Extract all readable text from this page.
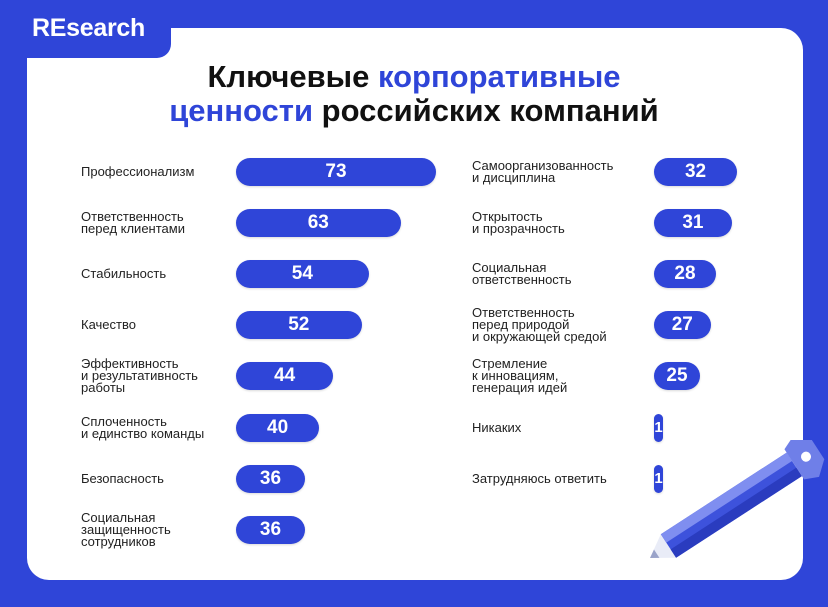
REsearch
Ключевые корпоративные
ценности российских компаний
Профессионализм	73
Ответственность
перед клиентами	63
Стабильность	54
Качество	52
Эффективность
и результативность
работы
44
Сплоченность
и единство команды	40
Безопасность	36
Социальная
защищенность
сотрудников
36
Самоорганизованность
и дисциплина	32
Открытость
и прозрачность	31
Социальная
ответственность	28
Ответственность
перед природой
и окружающей средой
27
Стремление
к инновациям,
генерация идей
25
Никаких	1
Затрудняюсь ответить	1
